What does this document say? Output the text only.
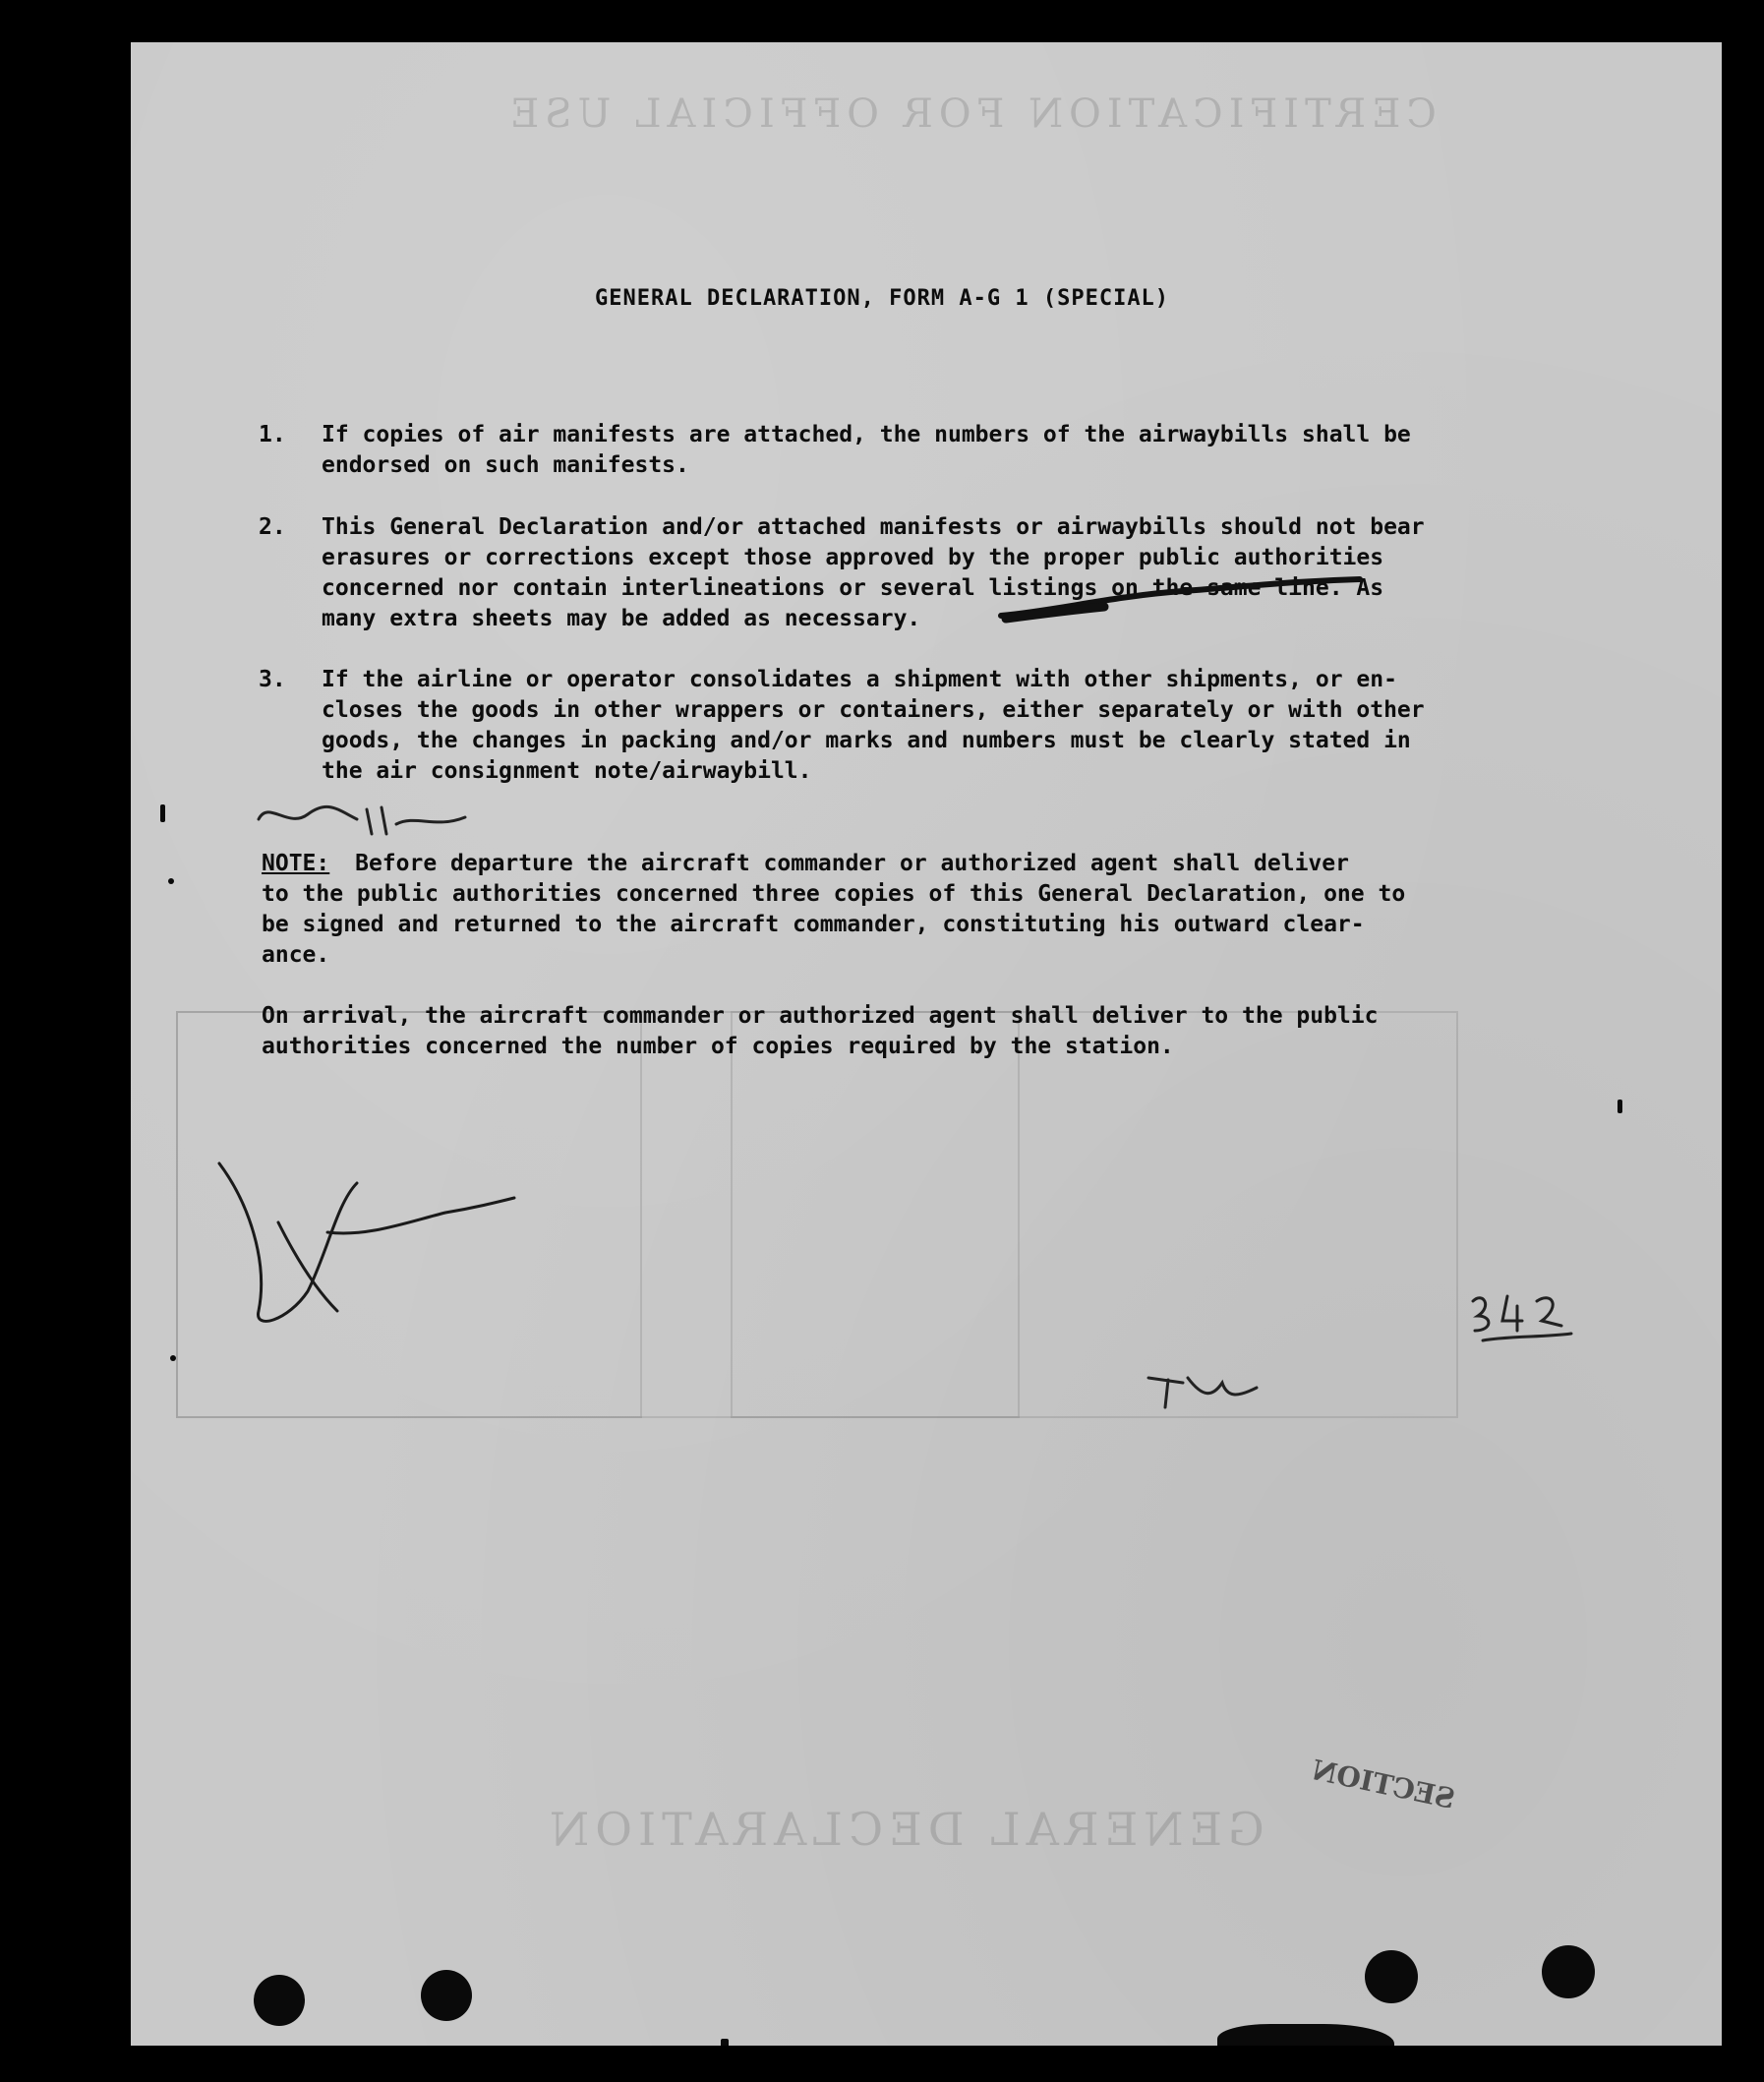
CERTIFICATION FOR OFFICIAL USE
GENERAL DECLARATION
GENERAL DECLARATION, FORM A-G 1 (SPECIAL)
1.	If copies of air manifests are attached, the numbers of the airwaybills shall be
endorsed on such manifests.
2.	This General Declaration and/or attached manifests or airwaybills should not bear
erasures or corrections except those approved by the proper public authorities
concerned nor contain interlineations or several listings on the same line. As
many extra sheets may be added as necessary.
3.	If the airline or operator consolidates a shipment with other shipments, or en-
closes the goods in other wrappers or containers, either separately or with other
goods, the changes in packing and/or marks and numbers must be clearly stated in
the air consignment note/airwaybill.
NOTE: Before departure the aircraft commander or authorized agent shall deliver
to the public authorities concerned three copies of this General Declaration, one to
be signed and returned to the aircraft commander, constituting his outward clear-
ance.
On arrival, the aircraft commander or authorized agent shall deliver to the public
authorities concerned the number of copies required by the station.
SECTION
